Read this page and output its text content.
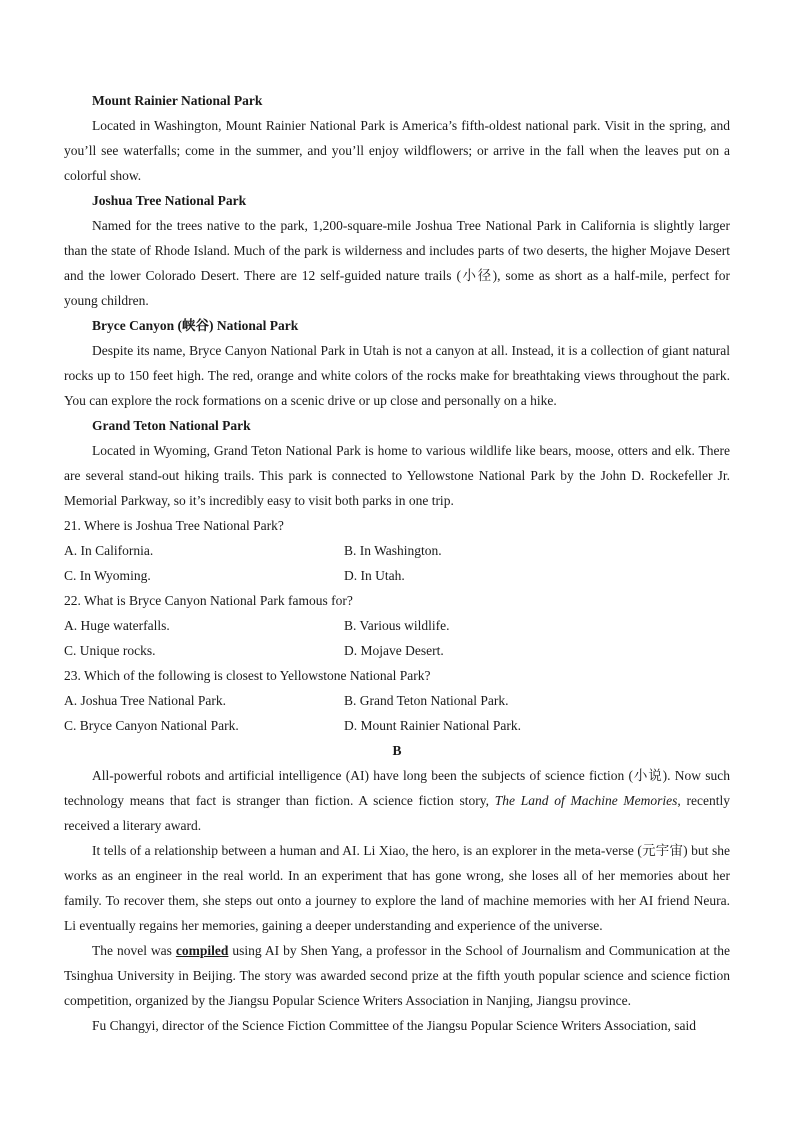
Mount Rainier National Park

Located in Washington, Mount Rainier National Park is America’s fifth-oldest national park. Visit in the spring, and you’ll see waterfalls; come in the summer, and you’ll enjoy wildflowers; or arrive in the fall when the leaves put on a colorful show.

Joshua Tree National Park

Named for the trees native to the park, 1,200-square-mile Joshua Tree National Park in California is slightly larger than the state of Rhode Island. Much of the park is wilderness and includes parts of two deserts, the higher Mojave Desert and the lower Colorado Desert. There are 12 self-guided nature trails (小径), some as short as a half-mile, perfect for young children.

Bryce Canyon (峡谷) National Park

Despite its name, Bryce Canyon National Park in Utah is not a canyon at all. Instead, it is a collection of giant natural rocks up to 150 feet high. The red, orange and white colors of the rocks make for breathtaking views throughout the park. You can explore the rock formations on a scenic drive or up close and personally on a hike.

Grand Teton National Park

Located in Wyoming, Grand Teton National Park is home to various wildlife like bears, moose, otters and elk. There are several stand-out hiking trails. This park is connected to Yellowstone National Park by the John D. Rockefeller Jr. Memorial Parkway, so it’s incredibly easy to visit both parks in one trip.

21. Where is Joshua Tree National Park?

A. In California.	B. In Washington.
C. In Wyoming.	D. In Utah.

22. What is Bryce Canyon National Park famous for?

A. Huge waterfalls.	B. Various wildlife.
C. Unique rocks.	D. Mojave Desert.

23. Which of the following is closest to Yellowstone National Park?

A. Joshua Tree National Park.	B. Grand Teton National Park.
C. Bryce Canyon National Park.	D. Mount Rainier National Park.

B

All-powerful robots and artificial intelligence (AI) have long been the subjects of science fiction (小说). Now such technology means that fact is stranger than fiction. A science fiction story, The Land of Machine Memories, recently received a literary award.

It tells of a relationship between a human and AI. Li Xiao, the hero, is an explorer in the meta-verse (元宇宙) but she works as an engineer in the real world. In an experiment that has gone wrong, she loses all of her memories about her family. To recover them, she steps out onto a journey to explore the land of machine memories with her AI friend Neura. Li eventually regains her memories, gaining a deeper understanding and experience of the universe.

The novel was compiled using AI by Shen Yang, a professor in the School of Journalism and Communication at the Tsinghua University in Beijing. The story was awarded second prize at the fifth youth popular science and science fiction competition, organized by the Jiangsu Popular Science Writers Association in Nanjing, Jiangsu province.

Fu Changyi, director of the Science Fiction Committee of the Jiangsu Popular Science Writers Association, said
